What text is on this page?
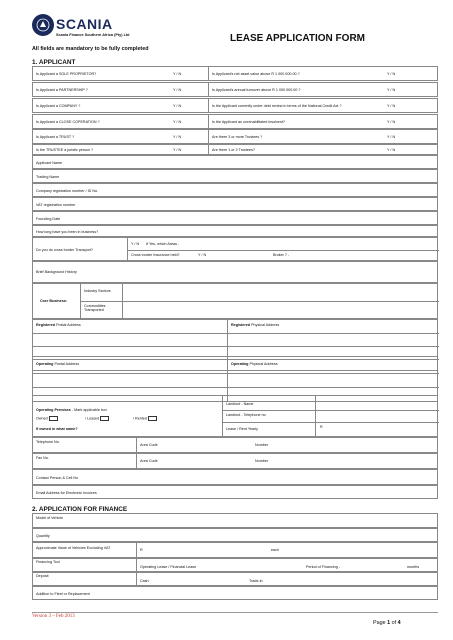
SCANIA
Scania Finance Southern Africa (Pty) Ltd	LEASE APPLICATION FORM
All fields are mandatory to be fully completed
1. APPLICANT
Is Applicant a SOLE PROPRIETOR?	Y / N	Is Applicant's net asset value above R 1 000 000.00 ?	Y / N
Is Applicant a PARTNERSHIP ?	Y / N	Is Applicant's annual turnover above R 1 000 000.00 ?	Y / N
Is Applicant a COMPANY ?	Y / N	Is the Applicant currently under debt review in terms of the National Credit Act ?	Y / N
Is Applicant a CLOSE COPERATION ?	Y / N	Is the Applicant an unrehabilitated insolvent?	Y / N
Is Applicant a TRUST ?	Y / N	Are there 3 or more Trustees ?	Y / N
Is the TRUSTEE a juristic person ?	Y / N	Are there 1 or 2 Trustees?	Y / N
Applicant Name
Trading Name
Company registration number / ID No.
VAT registration number
Founding Date
How long have you been in business?
Do you do cross border Transport?
Y / N If Yes, which Areas -
Cross border Insurance held?	Y / N	Broker ? -
Brief Background History
Core Business:
Industry Sectors
Commodities Transported
Registered Postal Address	Registered Physical Address
Operating Postal Address	Operating Physical Address
Operating Premises - Mark applicable box
Owned	/ Leased	/ Rented
If owned in what name?
Landlord - Name
Landlord - Telephone no
Lease / Rent Yearly	R
Telephone No.
Area Code	Number
Fax No.
Area Code	Number
Contact Person & Cell No
Email Address for Electronic Invoices
2. APPLICATION FOR FINANCE
Model of Vehicle
Quantity
Approximate Value of Vehicles Excluding VAT	R	each
Financing Tool
Operating Lease / Financial Lease	Period of Financing -	months
Deposit
Cash	Trade-in
Addition to Fleet or Replacement
Version 3 – Feb 2013
Page 1 of 4
